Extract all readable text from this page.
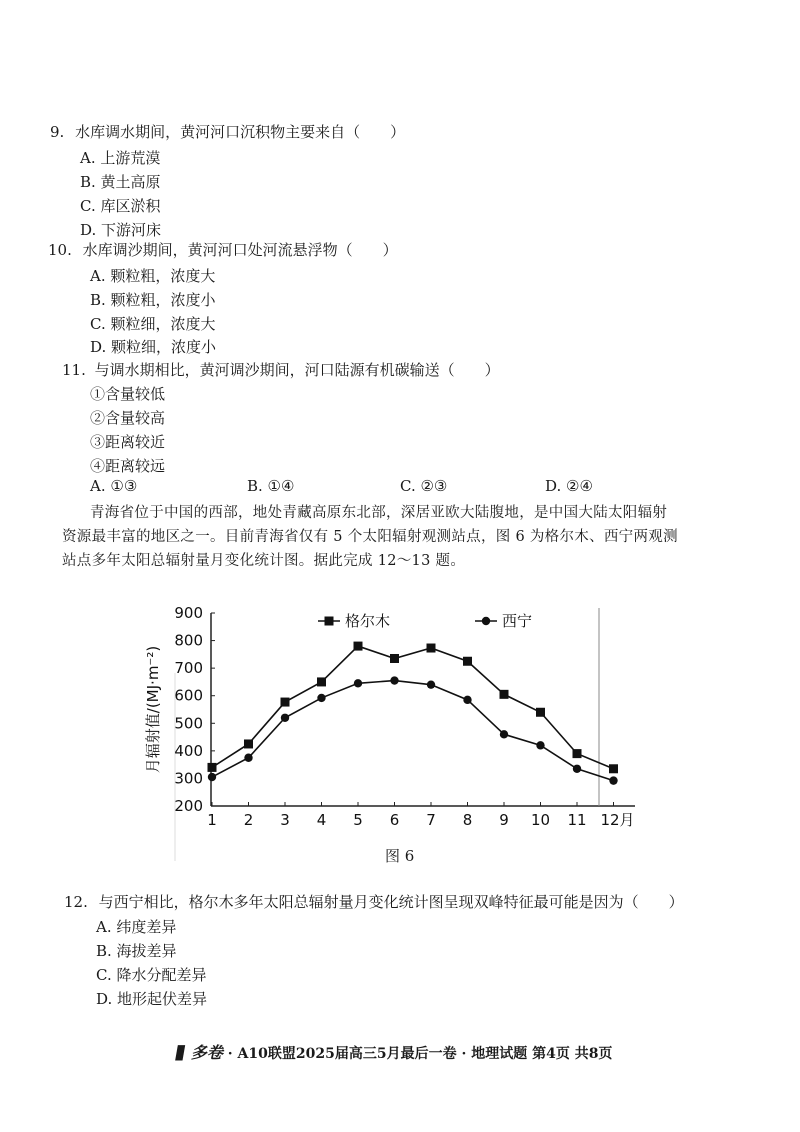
9. 水库调水期间，黄河河口沉积物主要来自（　　）
A. 上游荒漠
B. 黄土高原
C. 库区淤积
D. 下游河床
10. 水库调沙期间，黄河河口处河流悬浮物（　　）
A. 颗粒粗，浓度大
B. 颗粒粗，浓度小
C. 颗粒细，浓度大
D. 颗粒细，浓度小
11. 与调水期相比，黄河调沙期间，河口陆源有机碳输送（　　）
①含量较低
②含量较高
③距离较近
④距离较远
A. ①③	B. ①④	C. ②③	D. ②④
青海省位于中国的西部，地处青藏高原东北部，深居亚欧大陆腹地，是中国大陆太阳辐射
资源最丰富的地区之一。目前青海省仅有 5 个太阳辐射观测站点，图 6 为格尔木、西宁两观测
站点多年太阳总辐射量月变化统计图。据此完成 12～13 题。
200
300
400
500
600
700
800
900
1 2 3 4 5 6 7 8 9 10 11 12月
格尔木	西宁
月辐射值/(MJ·m⁻²)
图 6
12. 与西宁相比，格尔木多年太阳总辐射量月变化统计图呈现双峰特征最可能是因为（　　）
A. 纬度差异
B. 海拔差异
C. 降水分配差异
D. 地形起伏差异
▮ 多卷 · A10联盟2025届高三5月最后一卷 · 地理试题 第4页 共8页
